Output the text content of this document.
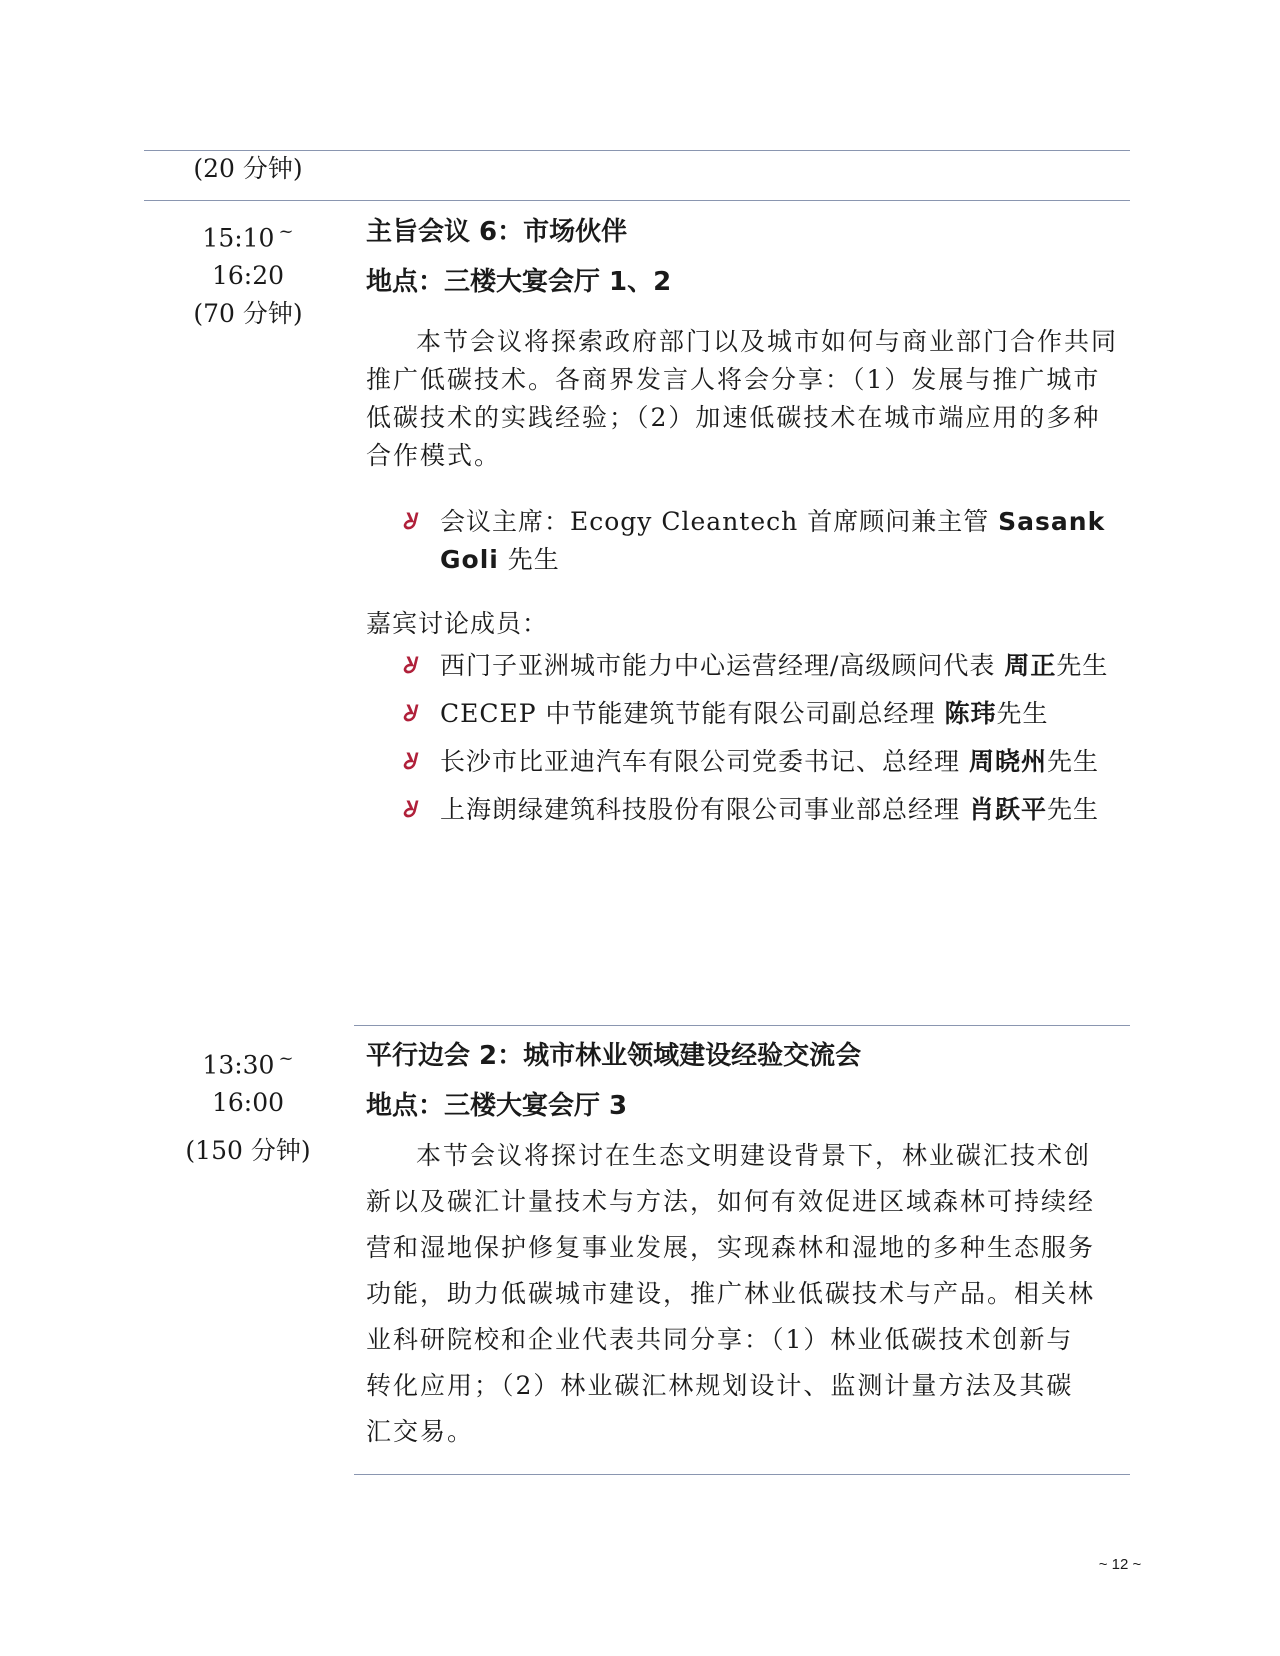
(20 分钟)
15:10 ~
16:20
(70 分钟)
主旨会议 6：市场伙伴
地点：三楼大宴会厅 1、2

本节会议将探索政府部门以及城市如何与商业部门合作共同推广低碳技术。各商界发言人将会分享：（1）发展与推广城市低碳技术的实践经验；（2）加速低碳技术在城市端应用的多种合作模式。

ᖈ 会议主席：Ecogy Cleantech 首席顾问兼主管 Sasank Goli 先生
嘉宾讨论成员：
ᖈ 西门子亚洲城市能力中心运营经理/高级顾问代表 周正先生
ᖈ CECEP 中节能建筑节能有限公司副总经理 陈玮先生
ᖈ 长沙市比亚迪汽车有限公司党委书记、总经理 周晓州先生
ᖈ 上海朗绿建筑科技股份有限公司事业部总经理 肖跃平先生
13:30 ~
16:00
(150 分钟)
平行边会 2：城市林业领域建设经验交流会
地点：三楼大宴会厅 3

本节会议将探讨在生态文明建设背景下，林业碳汇技术创新以及碳汇计量技术与方法，如何有效促进区域森林可持续经营和湿地保护修复事业发展，实现森林和湿地的多种生态服务功能，助力低碳城市建设，推广林业低碳技术与产品。相关林业科研院校和企业代表共同分享：（1）林业低碳技术创新与转化应用；（2）林业碳汇林规划设计、监测计量方法及其碳汇交易。

~ 12 ~
